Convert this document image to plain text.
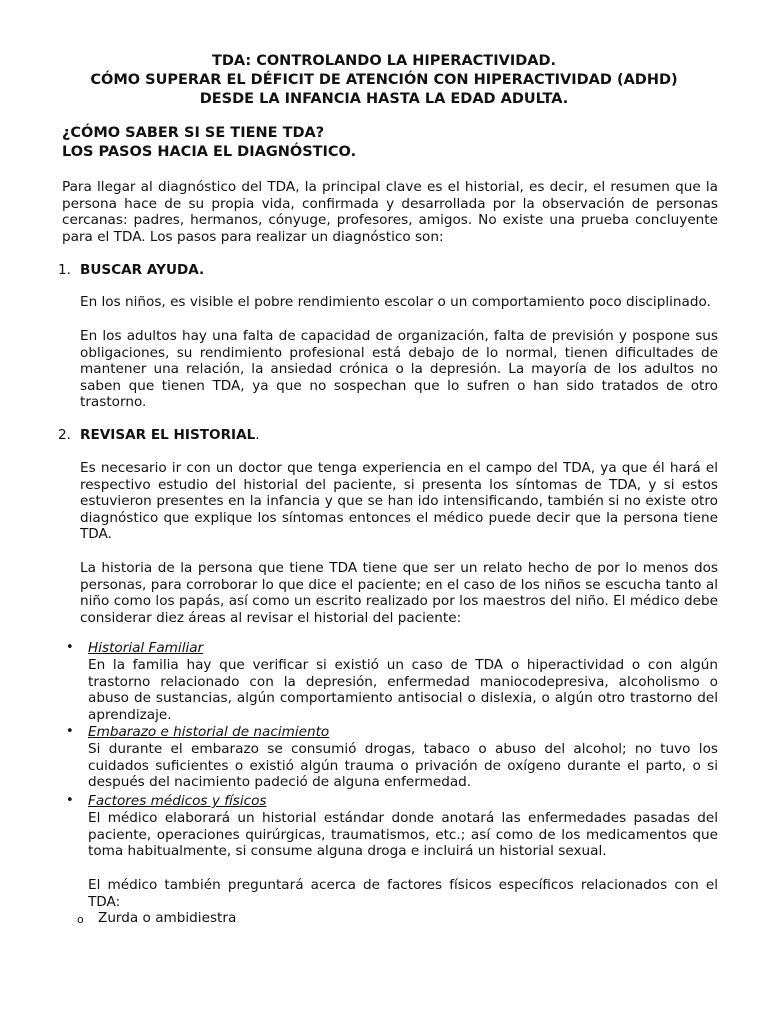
TDA: CONTROLANDO LA HIPERACTIVIDAD.
CÓMO SUPERAR EL DÉFICIT DE ATENCIÓN CON HIPERACTIVIDAD (ADHD)
DESDE LA INFANCIA HASTA LA EDAD ADULTA.
¿CÓMO SABER SI SE TIENE TDA?
LOS PASOS HACIA EL DIAGNÓSTICO.

Para llegar al diagnóstico del TDA, la principal clave es el historial, es decir, el resumen que la persona hace de su propia vida, confirmada y desarrollada por la observación de personas cercanas: padres, hermanos, cónyuge, profesores, amigos. No existe una prueba concluyente para el TDA. Los pasos para realizar un diagnóstico son:

1. BUSCAR AYUDA.

En los niños, es visible el pobre rendimiento escolar o un comportamiento poco disciplinado.

En los adultos hay una falta de capacidad de organización, falta de previsión y pospone sus obligaciones, su rendimiento profesional está debajo de lo normal, tienen dificultades de mantener una relación, la ansiedad crónica o la depresión. La mayoría de los adultos no saben que tienen TDA, ya que no sospechan que lo sufren o han sido tratados de otro trastorno.

2. REVISAR EL HISTORIAL.

Es necesario ir con un doctor que tenga experiencia en el campo del TDA, ya que él hará el respectivo estudio del historial del paciente, si presenta los síntomas de TDA, y si estos estuvieron presentes en la infancia y que se han ido intensificando, también si no existe otro diagnóstico que explique los síntomas entonces el médico puede decir que la persona tiene TDA.

La historia de la persona que tiene TDA tiene que ser un relato hecho de por lo menos dos personas, para corroborar lo que dice el paciente; en el caso de los niños se escucha tanto al niño como los papás, así como un escrito realizado por los maestros del niño. El médico debe considerar diez áreas al revisar el historial del paciente:

• Historial Familiar

En la familia hay que verificar si existió un caso de TDA o hiperactividad o con algún trastorno relacionado con la depresión, enfermedad maniocodepresiva, alcoholismo o abuso de sustancias, algún comportamiento antisocial o dislexia, o algún otro trastorno del aprendizaje.

• Embarazo e historial de nacimiento

Si durante el embarazo se consumió drogas, tabaco o abuso del alcohol; no tuvo los cuidados suficientes o existió algún trauma o privación de oxígeno durante el parto, o si después del nacimiento padeció de alguna enfermedad.

• Factores médicos y físicos

El médico elaborará un historial estándar donde anotará las enfermedades pasadas del paciente, operaciones quirúrgicas, traumatismos, etc.; así como de los medicamentos que toma habitualmente, si consume alguna droga e incluirá un historial sexual.

El médico también preguntará acerca de factores físicos específicos relacionados con el TDA:

o Zurda o ambidiestra
